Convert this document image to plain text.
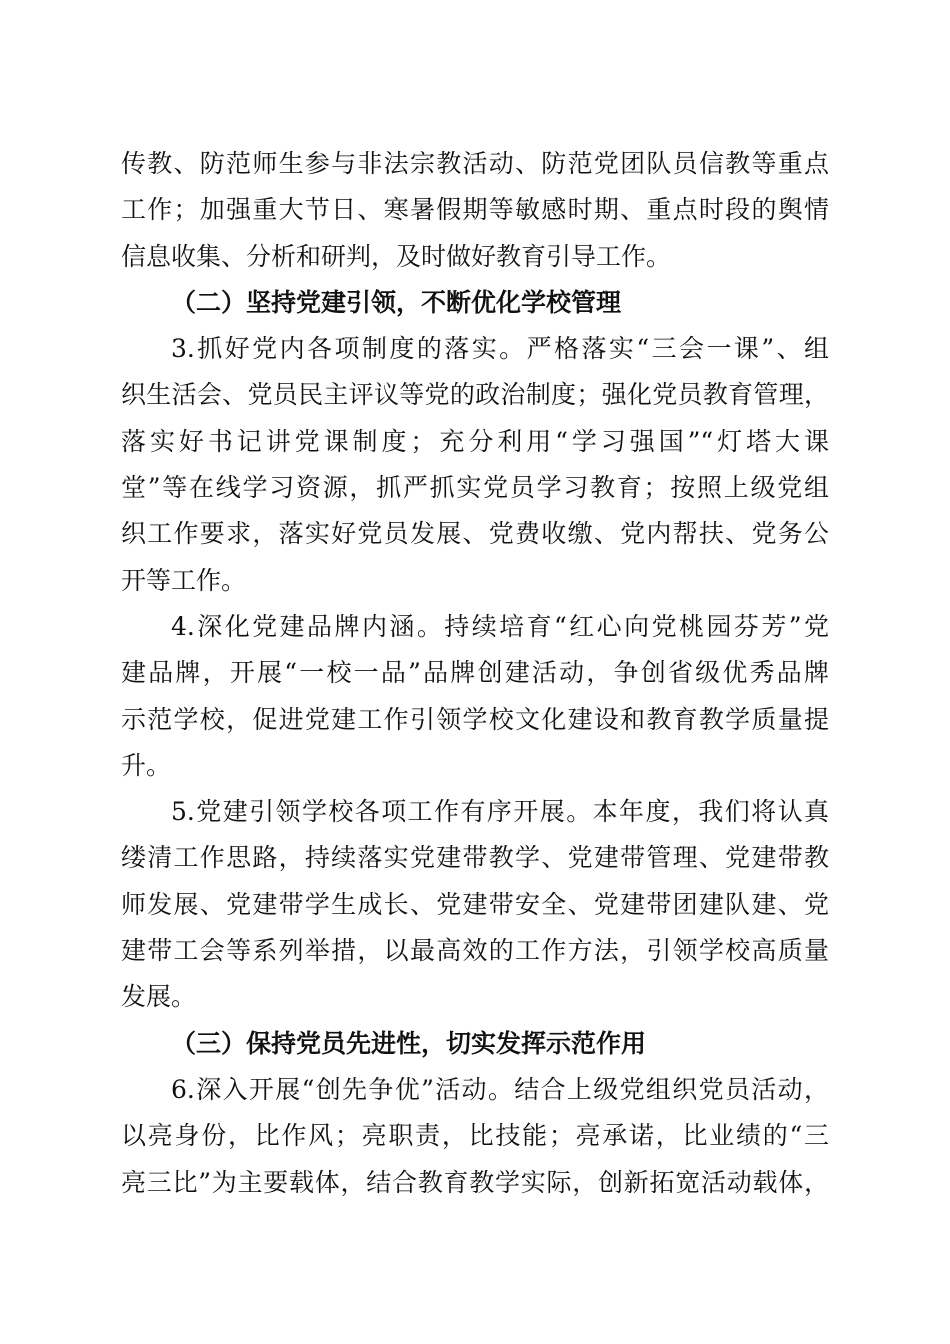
传教、防范师生参与非法宗教活动、防范党团队员信教等重点
工作；加强重大节日、寒暑假期等敏感时期、重点时段的舆情
信息收集、分析和研判，及时做好教育引导工作。
（二）坚持党建引领，不断优化学校管理
3.抓好党内各项制度的落实。严格落实“三会一课”、组
织生活会、党员民主评议等党的政治制度；强化党员教育管理，
落实好书记讲党课制度；充分利用“学习强国”“灯塔大课
堂”等在线学习资源，抓严抓实党员学习教育；按照上级党组
织工作要求，落实好党员发展、党费收缴、党内帮扶、党务公
开等工作。
4.深化党建品牌内涵。持续培育“红心向党桃园芬芳”党
建品牌，开展“一校一品”品牌创建活动，争创省级优秀品牌
示范学校，促进党建工作引领学校文化建设和教育教学质量提
升。
5.党建引领学校各项工作有序开展。本年度，我们将认真
缕清工作思路，持续落实党建带教学、党建带管理、党建带教
师发展、党建带学生成长、党建带安全、党建带团建队建、党
建带工会等系列举措，以最高效的工作方法，引领学校高质量
发展。
（三）保持党员先进性，切实发挥示范作用
6.深入开展“创先争优”活动。结合上级党组织党员活动，
以亮身份，比作风；亮职责，比技能；亮承诺，比业绩的“三
亮三比”为主要载体，结合教育教学实际，创新拓宽活动载体，
